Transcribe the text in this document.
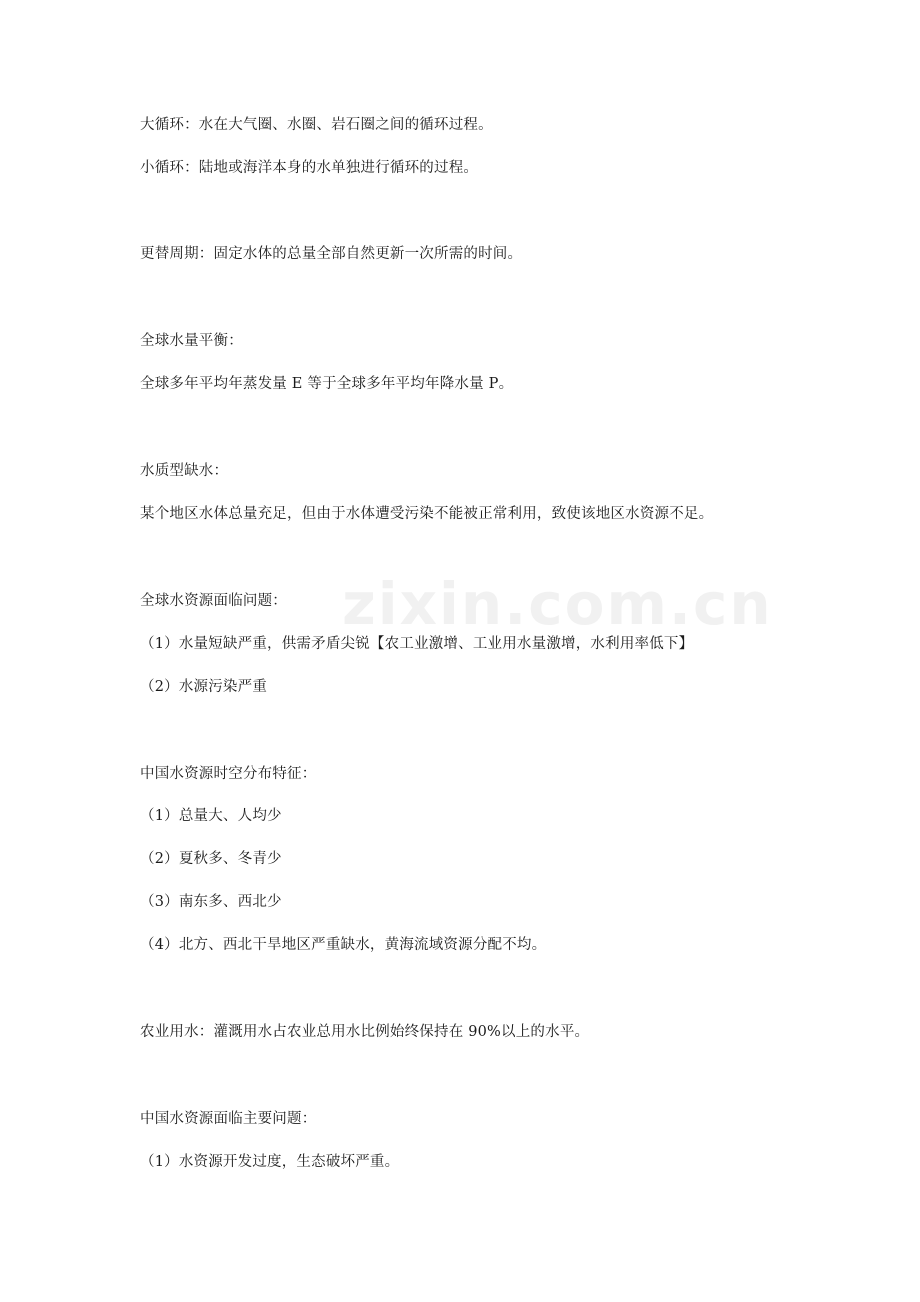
zixin.com.cn
大循环：水在大气圈、水圈、岩石圈之间的循环过程。
小循环：陆地或海洋本身的水单独进行循环的过程。
更替周期：固定水体的总量全部自然更新一次所需的时间。
全球水量平衡：
全球多年平均年蒸发量 E 等于全球多年平均年降水量 P。
水质型缺水：
某个地区水体总量充足，但由于水体遭受污染不能被正常利用，致使该地区水资源不足。
全球水资源面临问题：
（1）水量短缺严重，供需矛盾尖锐【农工业激增、工业用水量激增，水利用率低下】
（2）水源污染严重
中国水资源时空分布特征：
（1）总量大、人均少
（2）夏秋多、冬青少
（3）南东多、西北少
（4）北方、西北干旱地区严重缺水，黄海流域资源分配不均。
农业用水：灌溉用水占农业总用水比例始终保持在 90%以上的水平。
中国水资源面临主要问题：
（1）水资源开发过度，生态破坏严重。
